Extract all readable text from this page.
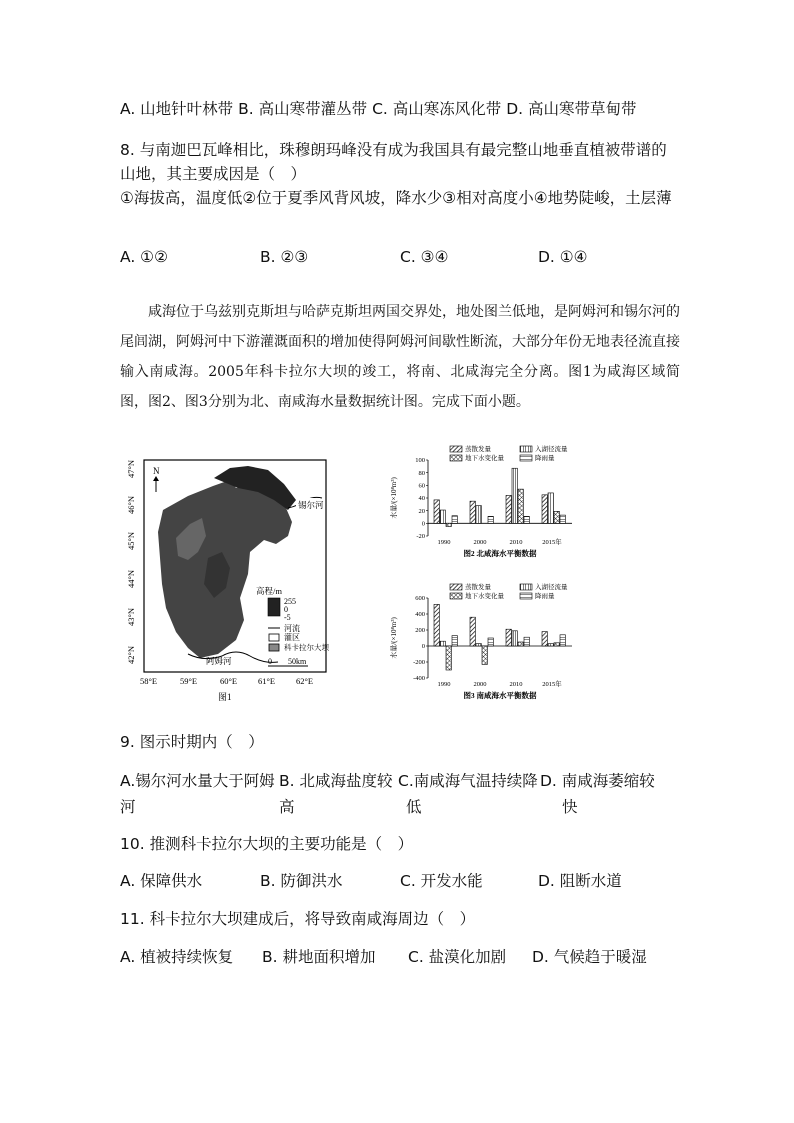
A. 山地针叶林带 B. 高山寒带灌丛带 C. 高山寒冻风化带 D. 高山寒带草甸带
8. 与南迦巴瓦峰相比，珠穆朗玛峰没有成为我国具有最完整山地垂直植被带谱的山地，其主要成因是（　）
①海拔高，温度低②位于夏季风背风坡，降水少③相对高度小④地势陡峻，土层薄
A. ①②	B. ②③	C. ③④	D. ①④
咸海位于乌兹别克斯坦与哈萨克斯坦两国交界处，地处图兰低地，是阿姆河和锡尔河的尾闾湖，阿姆河中下游灌溉面积的增加使得阿姆河间歇性断流，大部分年份无地表径流直接输入南咸海。2005年科卡拉尔大坝的竣工，将南、北咸海完全分离。图1为咸海区域简图，图2、图3分别为北、南咸海水量数据统计图。完成下面小题。
47°N
46°N
45°N
44°N
43°N
42°N
58°E	59°E	60°E 61°E 62°E
锡尔河
阿姆河
N
高程/m
255
0
-5
河流
灌区
科卡拉尔大坝
0　　50km
图1
蒸散发量	入湖径流量
地下水变化量	降雨量
-20
0
20
40
60
80
100
水量/(×10⁸m³)
1990	2000	2010	2015年
图2 北咸海水平衡数据
蒸散发量	入湖径流量
地下水变化量	降雨量
-400
-200
0
200
400
600
水量/(×10⁸m³)
1990	2000	2010	2015年
图3 南咸海水平衡数据
9. 图示时期内（　）
A.锡尔河水量大于阿姆
河
B. 北咸海盐度较
高
C.南咸海气温持续降
低
D. 南咸海萎缩较
快
10. 推测科卡拉尔大坝的主要功能是（　）
A. 保障供水	B. 防御洪水	C. 开发水能	D. 阻断水道
11. 科卡拉尔大坝建成后，将导致南咸海周边（　）
A. 植被持续恢复 B. 耕地面积增加 C. 盐漠化加剧 D. 气候趋于暖湿
